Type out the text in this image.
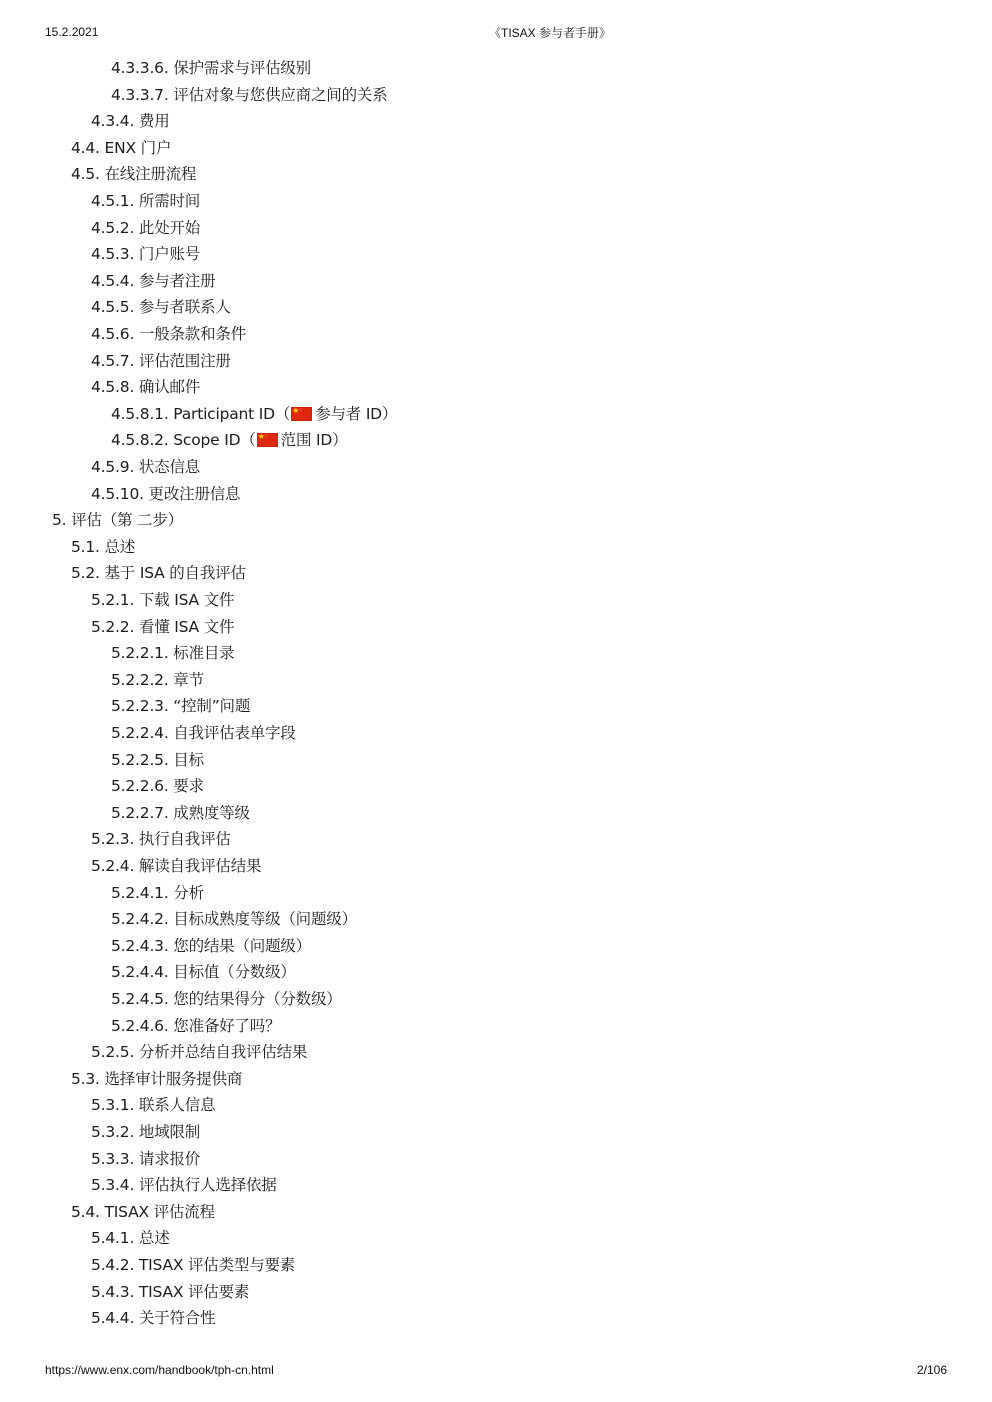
15.2.2021	《TISAX 参与者手册》
4.3.3.6. 保护需求与评估级别
4.3.3.7. 评估对象与您供应商之间的关系
4.3.4. 费用
4.4. ENX 门户
4.5. 在线注册流程
4.5.1. 所需时间
4.5.2. 此处开始
4.5.3. 门户账号
4.5.4. 参与者注册
4.5.5. 参与者联系人
4.5.6. 一般条款和条件
4.5.7. 评估范围注册
4.5.8. 确认邮件
4.5.8.1. Participant ID（ ★ ⁖ 参与者 ID）
4.5.8.2. Scope ID（ ★ ⁖ 范围 ID）
4.5.9. 状态信息
4.5.10. 更改注册信息
5. 评估（第 二步）
5.1. 总述
5.2. 基于 ISA 的自我评估
5.2.1. 下载 ISA 文件
5.2.2. 看懂 ISA 文件
5.2.2.1. 标准目录
5.2.2.2. 章节
5.2.2.3. “控制”问题
5.2.2.4. 自我评估表单字段
5.2.2.5. 目标
5.2.2.6. 要求
5.2.2.7. 成熟度等级
5.2.3. 执行自我评估
5.2.4. 解读自我评估结果
5.2.4.1. 分析
5.2.4.2. 目标成熟度等级（问题级）
5.2.4.3. 您的结果（问题级）
5.2.4.4. 目标值（分数级）
5.2.4.5. 您的结果得分（分数级）
5.2.4.6. 您准备好了吗？
5.2.5. 分析并总结自我评估结果
5.3. 选择审计服务提供商
5.3.1. 联系人信息
5.3.2. 地域限制
5.3.3. 请求报价
5.3.4. 评估执行人选择依据
5.4. TISAX 评估流程
5.4.1. 总述
5.4.2. TISAX 评估类型与要素
5.4.3. TISAX 评估要素
5.4.4. 关于符合性
https://www.enx.com/handbook/tph-cn.html	2/106
